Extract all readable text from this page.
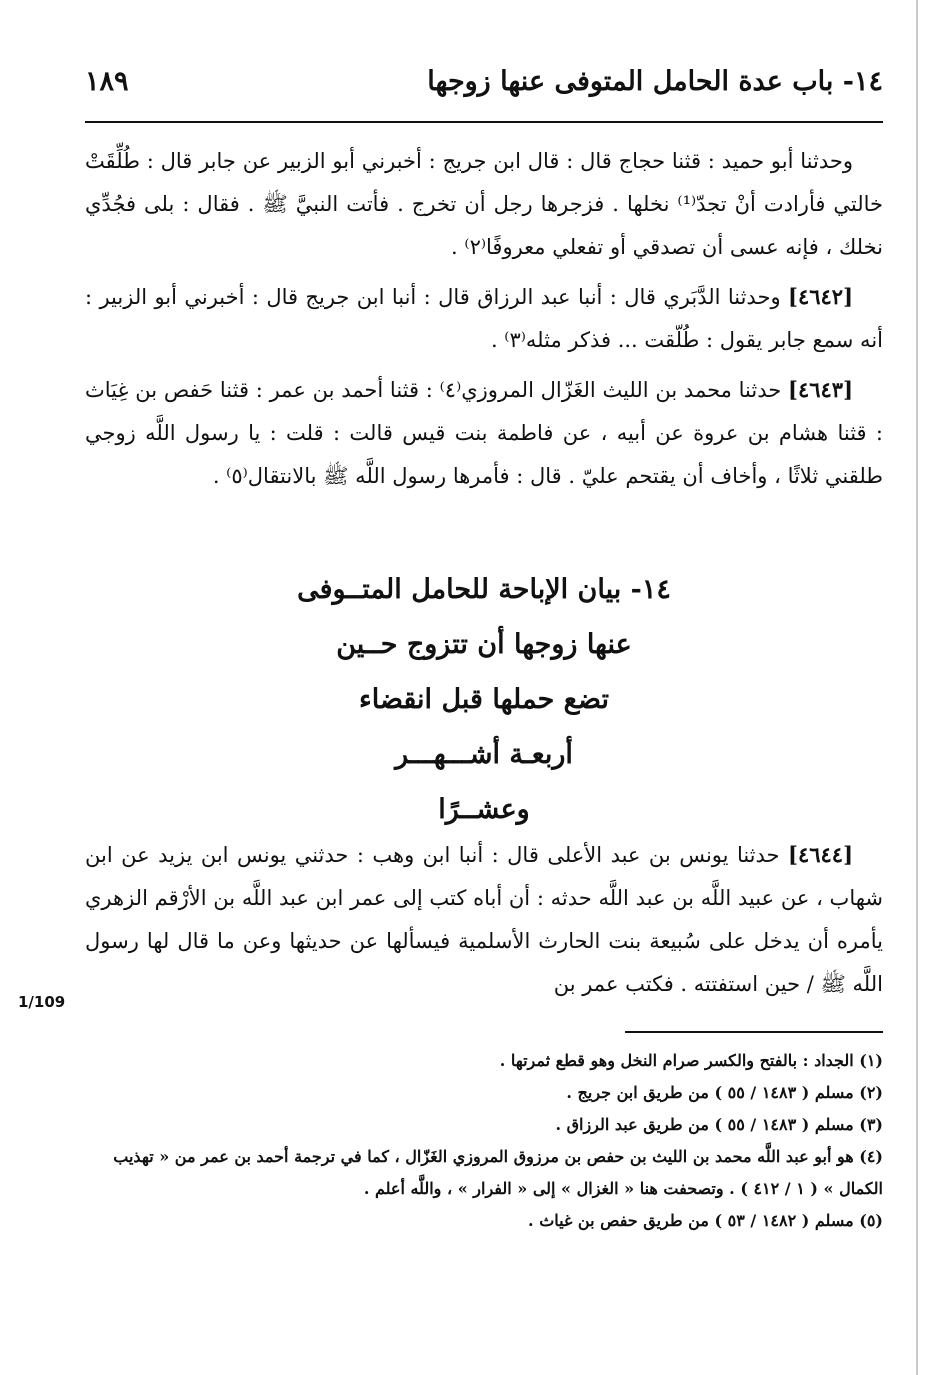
١٨٩	١٤- باب عدة الحامل المتوفى عنها زوجها

وحدثنا أبو حميد : قثنا حجاج قال : قال ابن جريج : أخبرني أبو الزبير عن جابر قال : طُلِّقَتْ خالتي فأرادت أنْ تجدّ⁽¹⁾ نخلها . فزجرها رجل أن تخرج . فأتت النبيَّ ﷺ . فقال : بلى فجُدِّي نخلك ، فإنه عسى أن تصدقي أو تفعلي معروفًا⁽٢⁾ .

[٤٦٤٢] وحدثنا الدَّبَري قال : أنبا عبد الرزاق قال : أنبا ابن جريج قال : أخبرني أبو الزبير : أنه سمع جابر يقول : طُلّقت ... فذكر مثله⁽٣⁾ .

[٤٦٤٣] حدثنا محمد بن الليث الغَزّال المروزي⁽٤⁾ : قثنا أحمد بن عمر : قثنا حَفص بن غِيَاث : قثنا هشام بن عروة عن أبيه ، عن فاطمة بنت قيس قالت : قلت : يا رسول اللَّه زوجي طلقني ثلاثًا ، وأخاف أن يقتحم عليّ . قال : فأمرها رسول اللَّه ﷺ بالانتقال⁽٥⁾ .

١٤- بيان الإباحة للحامل المتــوفى

عنها زوجها أن تتزوج حــين

تضع حملها قبل انقضاء

أربعـة أشـــهـــر

وعشــرًا

[٤٦٤٤] حدثنا يونس بن عبد الأعلى قال : أنبا ابن وهب : حدثني يونس ابن يزيد عن ابن شهاب ، عن عبيد اللَّه بن عبد اللَّه حدثه : أن أباه كتب إلى عمر ابن عبد اللَّه بن الأرْقم الزهري يأمره أن يدخل على سُبيعة بنت الحارث الأسلمية فيسألها عن حديثها وعن ما قال لها رسول اللَّه ﷺ / حين استفتته . فكتب عمر بن

1/109

(١) الجداد : بالفتح والكسر صرام النخل وهو قطع ثمرتها .

(٢) مسلم ( ١٤٨٣ / ٥٥ ) من طريق ابن جريج .

(٣) مسلم ( ١٤٨٣ / ٥٥ ) من طريق عبد الرزاق .

(٤) هو أبو عبد اللَّه محمد بن الليث بن حفص بن مرزوق المروزي الغَزّال ، كما في ترجمة أحمد بن عمر من « تهذيب الكمال » ( ١ / ٤١٢ ) . وتصحفت هنا « الغزال » إلى « الفرار » ، واللَّه أعلم .

(٥) مسلم ( ١٤٨٢ / ٥٣ ) من طريق حفص بن غياث .
